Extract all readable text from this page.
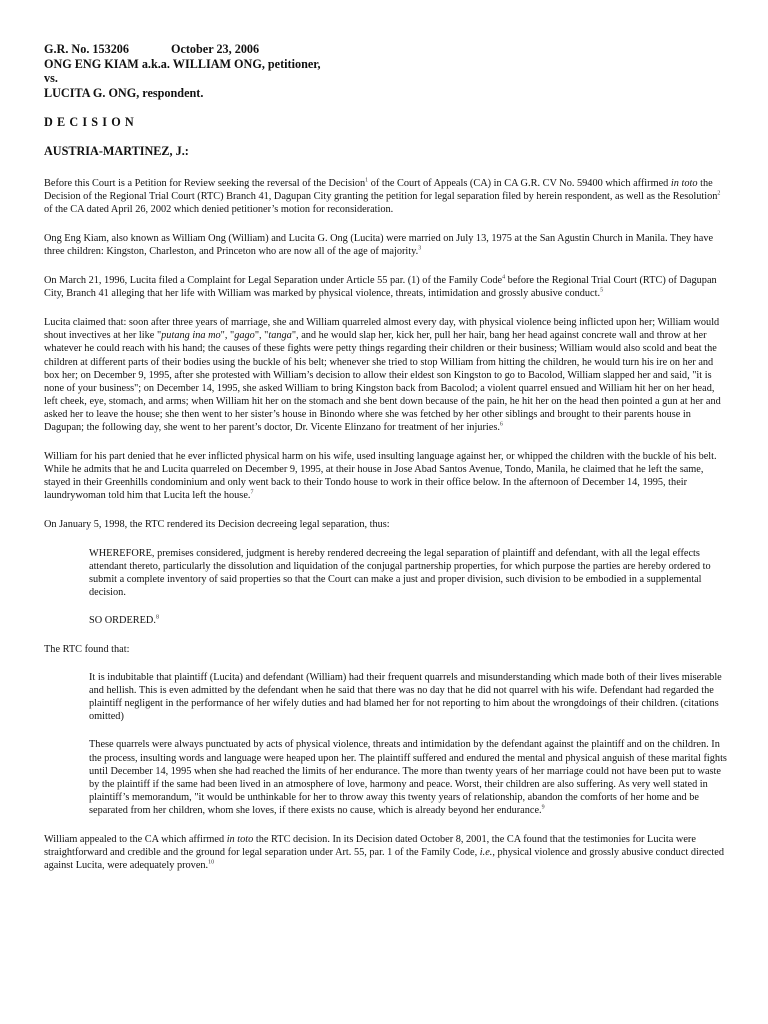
G.R. No. 153206	October 23, 2006
ONG ENG KIAM a.k.a. WILLIAM ONG, petitioner,
vs.
LUCITA G. ONG, respondent.
DECISION
AUSTRIA-MARTINEZ, J.:

Before this Court is a Petition for Review seeking the reversal of the Decision$^1$ of the Court of Appeals (CA) in CA G.R. CV No. 59400 which affirmed in toto the Decision of the Regional Trial Court (RTC) Branch 41, Dagupan City granting the petition for legal separation filed by herein respondent, as well as the Resolution$^2$ of the CA dated April 26, 2002 which denied petitioner’s motion for reconsideration.

Ong Eng Kiam, also known as William Ong (William) and Lucita G. Ong (Lucita) were married on July 13, 1975 at the San Agustin Church in Manila. They have three children: Kingston, Charleston, and Princeton who are now all of the age of majority.$^3$

On March 21, 1996, Lucita filed a Complaint for Legal Separation under Article 55 par. (1) of the Family Code$^4$ before the Regional Trial Court (RTC) of Dagupan City, Branch 41 alleging that her life with William was marked by physical violence, threats, intimidation and grossly abusive conduct.$^5$

Lucita claimed that: soon after three years of marriage, she and William quarreled almost every day, with physical violence being inflicted upon her; William would shout invectives at her like "putang ina mo", "gago", "tanga", and he would slap her, kick her, pull her hair, bang her head against concrete wall and throw at her whatever he could reach with his hand; the causes of these fights were petty things regarding their children or their business; William would also scold and beat the children at different parts of their bodies using the buckle of his belt; whenever she tried to stop William from hitting the children, he would turn his ire on her and box her; on December 9, 1995, after she protested with William’s decision to allow their eldest son Kingston to go to Bacolod, William slapped her and said, "it is none of your business"; on December 14, 1995, she asked William to bring Kingston back from Bacolod; a violent quarrel ensued and William hit her on her head, left cheek, eye, stomach, and arms; when William hit her on the stomach and she bent down because of the pain, he hit her on the head then pointed a gun at her and asked her to leave the house; she then went to her sister’s house in Binondo where she was fetched by her other siblings and brought to their parents house in Dagupan; the following day, she went to her parent’s doctor, Dr. Vicente Elinzano for treatment of her injuries.$^6$

William for his part denied that he ever inflicted physical harm on his wife, used insulting language against her, or whipped the children with the buckle of his belt. While he admits that he and Lucita quarreled on December 9, 1995, at their house in Jose Abad Santos Avenue, Tondo, Manila, he claimed that he left the same, stayed in their Greenhills condominium and only went back to their Tondo house to work in their office below. In the afternoon of December 14, 1995, their laundrywoman told him that Lucita left the house.$^7$

On January 5, 1998, the RTC rendered its Decision decreeing legal separation, thus:

WHEREFORE, premises considered, judgment is hereby rendered decreeing the legal separation of plaintiff and defendant, with all the legal effects attendant thereto, particularly the dissolution and liquidation of the conjugal partnership properties, for which purpose the parties are hereby ordered to submit a complete inventory of said properties so that the Court can make a just and proper division, such division to be embodied in a supplemental decision.

SO ORDERED.$^8$

The RTC found that:

It is indubitable that plaintiff (Lucita) and defendant (William) had their frequent quarrels and misunderstanding which made both of their lives miserable and hellish. This is even admitted by the defendant when he said that there was no day that he did not quarrel with his wife. Defendant had regarded the plaintiff negligent in the performance of her wifely duties and had blamed her for not reporting to him about the wrongdoings of their children. (citations omitted)

These quarrels were always punctuated by acts of physical violence, threats and intimidation by the defendant against the plaintiff and on the children. In the process, insulting words and language were heaped upon her. The plaintiff suffered and endured the mental and physical anguish of these marital fights until December 14, 1995 when she had reached the limits of her endurance. The more than twenty years of her marriage could not have been put to waste by the plaintiff if the same had been lived in an atmosphere of love, harmony and peace. Worst, their children are also suffering. As very well stated in plaintiff’s memorandum, "it would be unthinkable for her to throw away this twenty years of relationship, abandon the comforts of her home and be separated from her children, whom she loves, if there exists no cause, which is already beyond her endurance.$^9$

William appealed to the CA which affirmed in toto the RTC decision. In its Decision dated October 8, 2001, the CA found that the testimonies for Lucita were straightforward and credible and the ground for legal separation under Art. 55, par. 1 of the Family Code, i.e., physical violence and grossly abusive conduct directed against Lucita, were adequately proven.$^{10}$
